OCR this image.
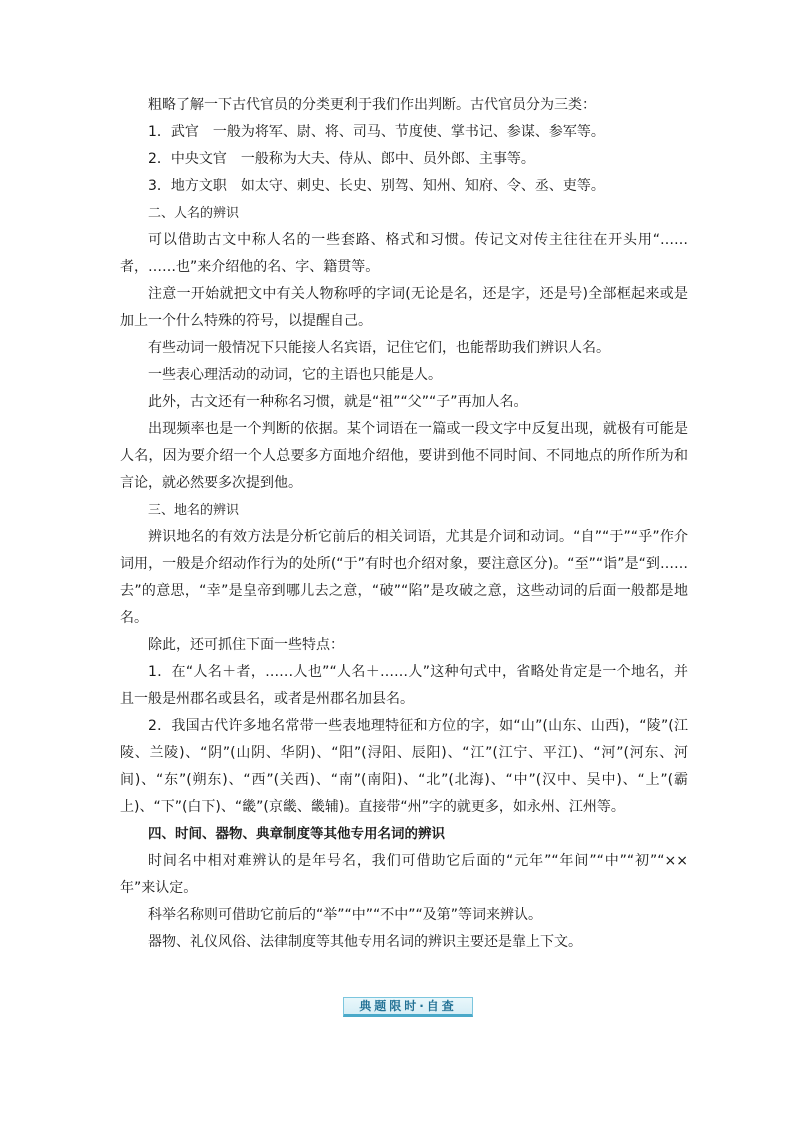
粗略了解一下古代官员的分类更利于我们作出判断。古代官员分为三类：

1．武官　一般为将军、尉、将、司马、节度使、掌书记、参谋、参军等。

2．中央文官　一般称为大夫、侍从、郎中、员外郎、主事等。

3．地方文职　如太守、刺史、长史、别驾、知州、知府、令、丞、吏等。

二、人名的辨识

可以借助古文中称人名的一些套路、格式和习惯。传记文对传主往往在开头用“……者，……也”来介绍他的名、字、籍贯等。

注意一开始就把文中有关人物称呼的字词(无论是名，还是字，还是号)全部框起来或是加上一个什么特殊的符号，以提醒自己。

有些动词一般情况下只能接人名宾语，记住它们，也能帮助我们辨识人名。

一些表心理活动的动词，它的主语也只能是人。

此外，古文还有一种称名习惯，就是“祖”“父”“子”再加人名。

出现频率也是一个判断的依据。某个词语在一篇或一段文字中反复出现，就极有可能是人名，因为要介绍一个人总要多方面地介绍他，要讲到他不同时间、不同地点的所作所为和言论，就必然要多次提到他。

三、地名的辨识

辨识地名的有效方法是分析它前后的相关词语，尤其是介词和动词。“自”“于”“乎”作介词用，一般是介绍动作行为的处所(“于”有时也介绍对象，要注意区分)。“至”“诣”是“到……去”的意思，“幸”是皇帝到哪儿去之意，“破”“陷”是攻破之意，这些动词的后面一般都是地名。

除此，还可抓住下面一些特点：

1．在“人名＋者，……人也”“人名＋……人”这种句式中，省略处肯定是一个地名，并且一般是州郡名或县名，或者是州郡名加县名。

2．我国古代许多地名常带一些表地理特征和方位的字，如“山”(山东、山西)，“陵”(江陵、兰陵)、“阴”(山阴、华阴)、“阳”(浔阳、辰阳)、“江”(江宁、平江)、“河”(河东、河间)、“东”(朔东)、“西”(关西)、“南”(南阳)、“北”(北海)、“中”(汉中、吴中)、“上”(霸上)、“下”(白下)、“畿”(京畿、畿辅)。直接带“州”字的就更多，如永州、江州等。

四、时间、器物、典章制度等其他专用名词的辨识

时间名中相对难辨认的是年号名，我们可借助它后面的“元年”“年间”“中”“初”“××年”来认定。

科举名称则可借助它前后的“举”“中”“不中”“及第”等词来辨认。

器物、礼仪风俗、法律制度等其他专用名词的辨识主要还是靠上下文。

典题限时·自查
